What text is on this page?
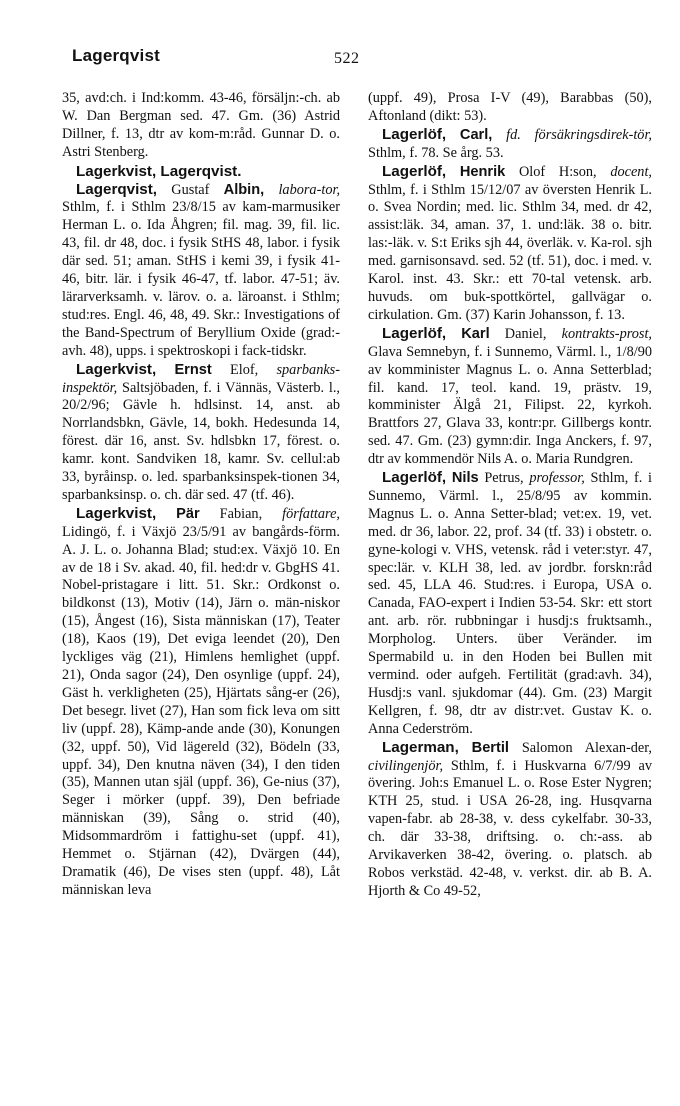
Lagerqvist	522

35, avd:ch. i Ind:komm. 43-46, försäljn:-ch. ab W. Dan Bergman sed. 47. Gm. (36) Astrid Dillner, f. 13, dtr av kom-m:råd. Gunnar D. o. Astri Stenberg.

Lagerkvist, Lagerqvist.

Lagerqvist, Gustaf Albin, labora-tor, Sthlm, f. i Sthlm 23/8/15 av kam-marmusiker Herman L. o. Ida Åhgren; fil. mag. 39, fil. lic. 43, fil. dr 48, doc. i fysik StHS 48, labor. i fysik där sed. 51; aman. StHS i kemi 39, i fysik 41-46, bitr. lär. i fysik 46-47, tf. labor. 47-51; äv. lärarverksamh. v. lärov. o. a. läroanst. i Sthlm; stud:res. Engl. 46, 48, 49. Skr.: Investigations of the Band-Spectrum of Beryllium Oxide (grad:-avh. 48), upps. i spektroskopi i fack-tidskr.

Lagerkvist, Ernst Elof, sparbanks-inspektör, Saltsjöbaden, f. i Vännäs, Västerb. l., 20/2/96; Gävle h. hdlsinst. 14, anst. ab Norrlandsbkn, Gävle, 14, bokh. Hedesunda 14, förest. där 16, anst. Sv. hdlsbkn 17, förest. o. kamr. kont. Sandviken 18, kamr. Sv. cellul:ab 33, byråinsp. o. led. sparbanksinspek-tionen 34, sparbanksinsp. o. ch. där sed. 47 (tf. 46).

Lagerkvist, Pär Fabian, författare, Lidingö, f. i Växjö 23/5/91 av bangårds-förm. A. J. L. o. Johanna Blad; stud:ex. Växjö 10. En av de 18 i Sv. akad. 40, fil. hed:dr v. GbgHS 41. Nobel-pristagare i litt. 51. Skr.: Ordkonst o. bildkonst (13), Motiv (14), Järn o. män-niskor (15), Ångest (16), Sista människan (17), Teater (18), Kaos (19), Det eviga leendet (20), Den lyckliges väg (21), Himlens hemlighet (uppf. 21), Onda sagor (24), Den osynlige (uppf. 24), Gäst h. verkligheten (25), Hjärtats sång-er (26), Det besegr. livet (27), Han som fick leva om sitt liv (uppf. 28), Kämp-ande ande (30), Konungen (32, uppf. 50), Vid lägereld (32), Bödeln (33, uppf. 34), Den knutna näven (34), I den tiden (35), Mannen utan själ (uppf. 36), Ge-nius (37), Seger i mörker (uppf. 39), Den befriade människan (39), Sång o. strid (40), Midsommardröm i fattighu-set (uppf. 41), Hemmet o. Stjärnan (42), Dvärgen (44), Dramatik (46), De vises sten (uppf. 48), Låt människan leva

(uppf. 49), Prosa I-V (49), Barabbas (50), Aftonland (dikt: 53).

Lagerlöf, Carl, fd. försäkringsdirek-tör, Sthlm, f. 78. Se årg. 53.

Lagerlöf, Henrik Olof H:son, docent, Sthlm, f. i Sthlm 15/12/07 av översten Henrik L. o. Svea Nordin; med. lic. Sthlm 34, med. dr 42, assist:läk. 34, aman. 37, 1. und:läk. 38 o. bitr. las:-läk. v. S:t Eriks sjh 44, överläk. v. Ka-rol. sjh med. garnisonsavd. sed. 52 (tf. 51), doc. i med. v. Karol. inst. 43. Skr.: ett 70-tal vetensk. arb. huvuds. om buk-spottkörtel, gallvägar o. cirkulation. Gm. (37) Karin Johansson, f. 13.

Lagerlöf, Karl Daniel, kontrakts-prost, Glava Semnebyn, f. i Sunnemo, Värml. l., 1/8/90 av komminister Magnus L. o. Anna Setterblad; fil. kand. 17, teol. kand. 19, prästv. 19, komminister Älgå 21, Filipst. 22, kyrkoh. Brattfors 27, Glava 33, kontr:pr. Gillbergs kontr. sed. 47. Gm. (23) gymn:dir. Inga Anckers, f. 97, dtr av kommendör Nils A. o. Maria Rundgren.

Lagerlöf, Nils Petrus, professor, Sthlm, f. i Sunnemo, Värml. l., 25/8/95 av kommin. Magnus L. o. Anna Setter-blad; vet:ex. 19, vet. med. dr 36, labor. 22, prof. 34 (tf. 33) i obstetr. o. gyne-kologi v. VHS, vetensk. råd i veter:styr. 47, spec:lär. v. KLH 38, led. av jordbr. forskn:råd sed. 45, LLA 46. Stud:res. i Europa, USA o. Canada, FAO-expert i Indien 53-54. Skr: ett stort ant. arb. rör. rubbningar i husdj:s fruktsamh., Morpholog. Unters. über Veränder. im Spermabild u. in den Hoden bei Bullen mit vermind. oder aufgeh. Fertilität (grad:avh. 34), Husdj:s vanl. sjukdomar (44). Gm. (23) Margit Kellgren, f. 98, dtr av distr:vet. Gustav K. o. Anna Cederström.

Lagerman, Bertil Salomon Alexan-der, civilingenjör, Sthlm, f. i Huskvarna 6/7/99 av övering. Joh:s Emanuel L. o. Rose Ester Nygren; KTH 25, stud. i USA 26-28, ing. Husqvarna vapen-fabr. ab 28-38, v. dess cykelfabr. 30-33, ch. där 33-38, driftsing. o. ch:-ass. ab Arvikaverken 38-42, övering. o. platsch. ab Robos verkstäd. 42-48, v. verkst. dir. ab B. A. Hjorth & Co 49-52,
